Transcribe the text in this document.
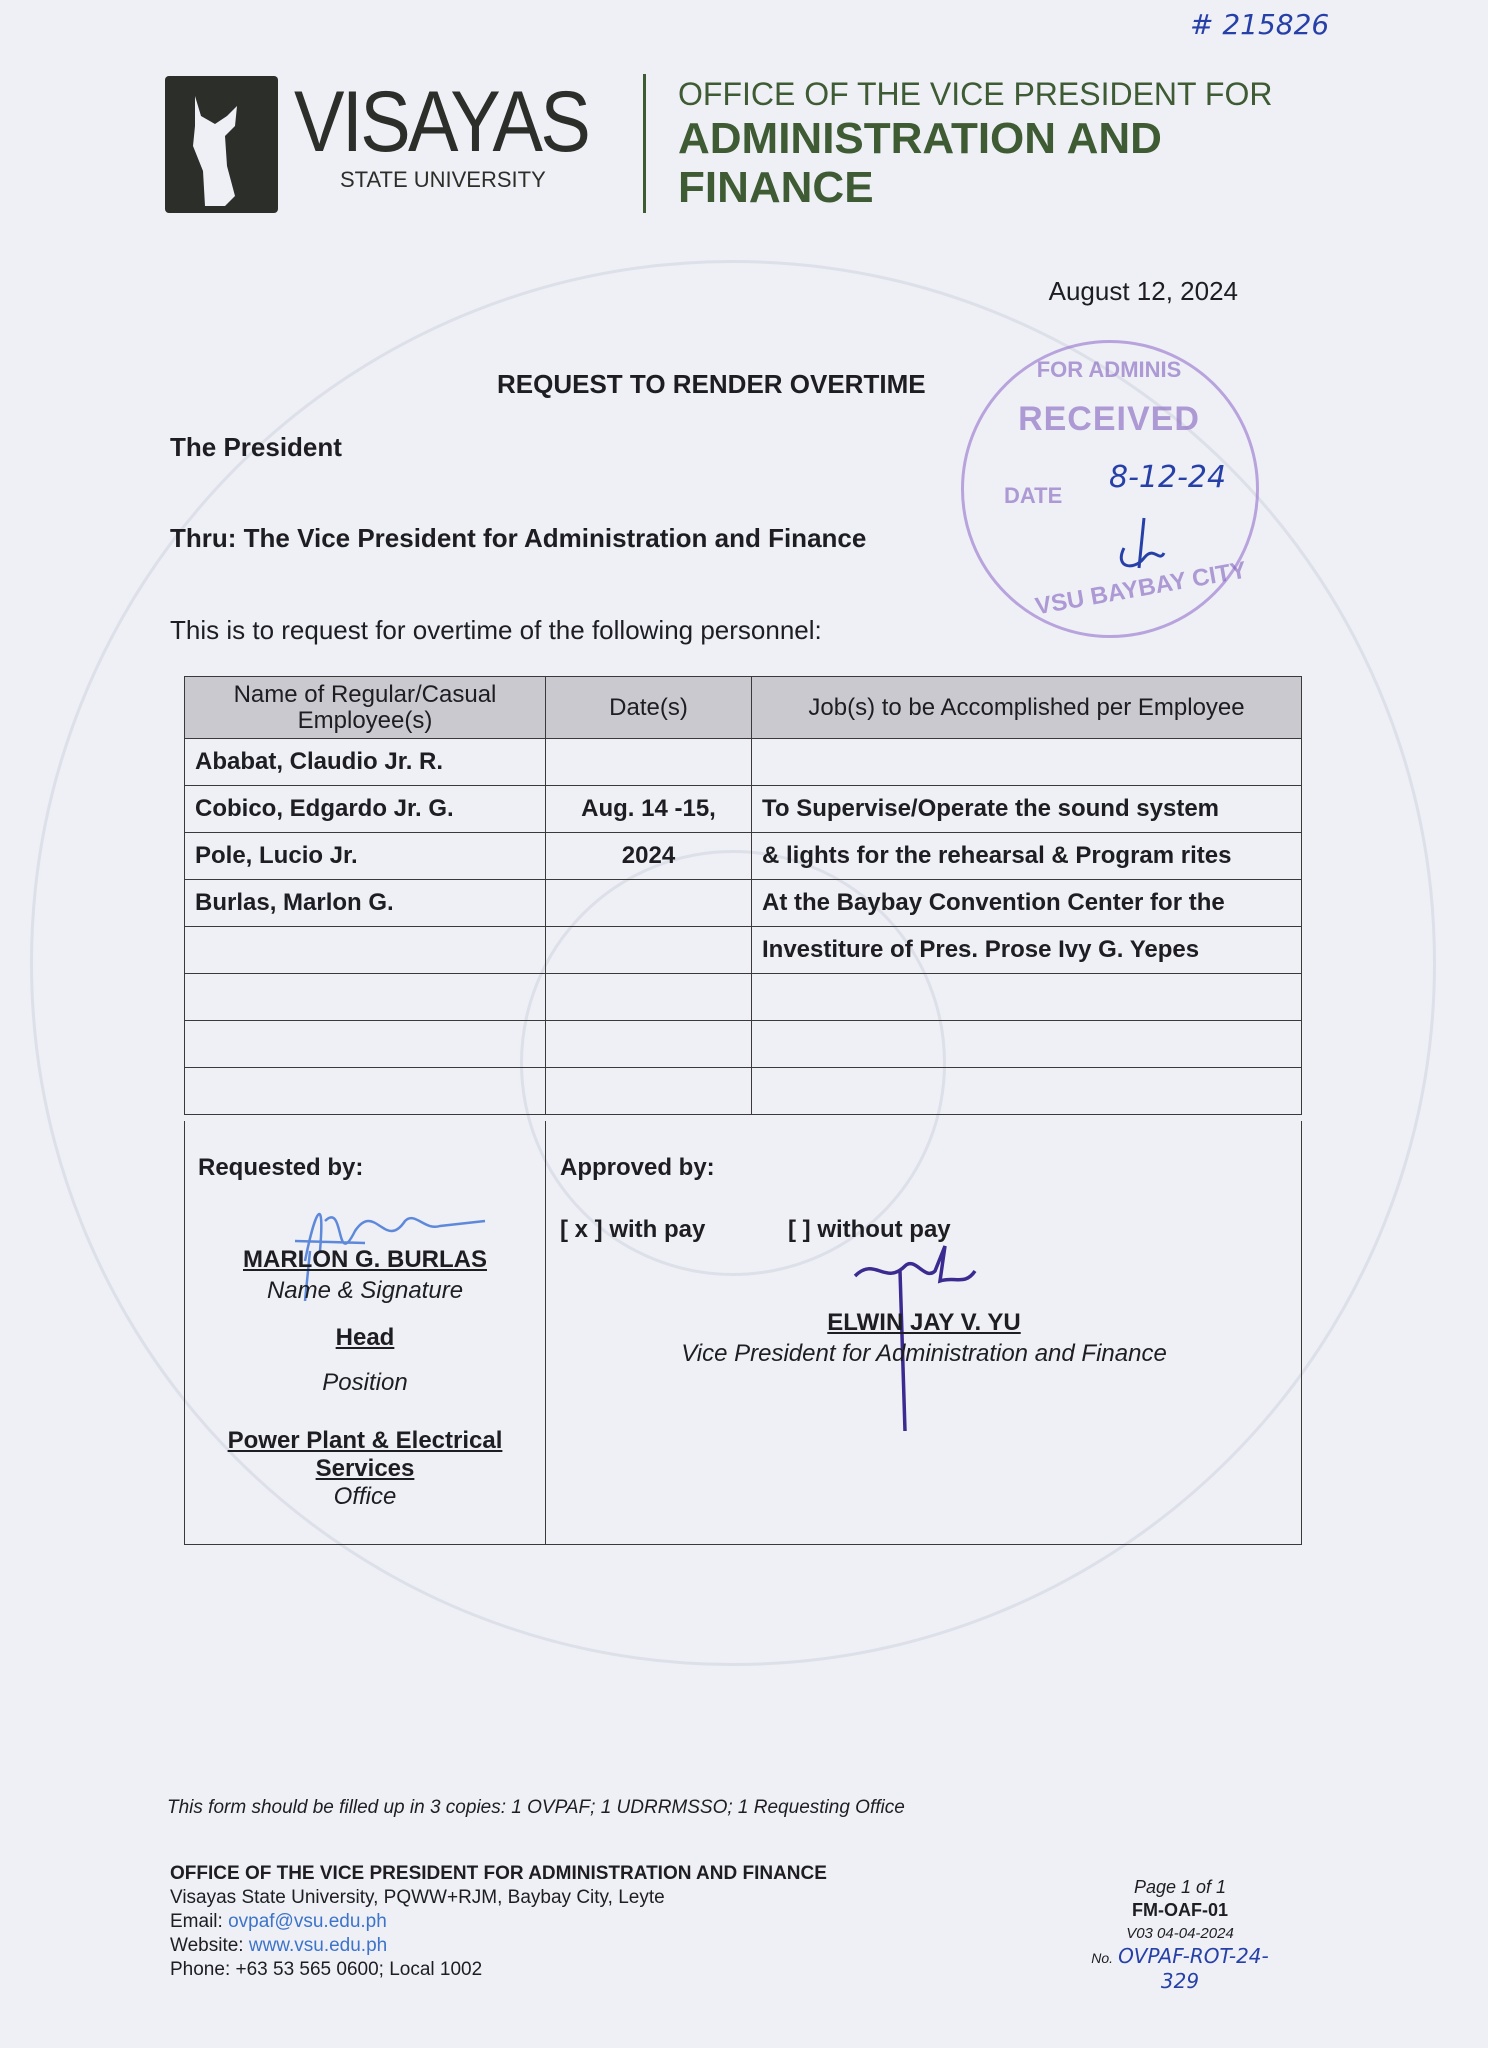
# 215826
VISAYAS
STATE UNIVERSITY
OFFICE OF THE VICE PRESIDENT FOR
ADMINISTRATION AND
FINANCE
August 12, 2024
REQUEST TO RENDER OVERTIME
The President
Thru: The Vice President for Administration and Finance
This is to request for overtime of the following personnel:
FOR ADMINIS
RECEIVED
DATE
VSU BAYBAY CITY
8-12-24
Name of Regular/Casual Employee(s)	Date(s)	Job(s) to be Accomplished per Employee
Ababat, Claudio Jr. R.		
Cobico, Edgardo Jr. G.	Aug. 14 -15,	To Supervise/Operate the sound system
Pole, Lucio Jr.	2024	& lights for the rehearsal & Program rites
Burlas, Marlon G.		At the Baybay Convention Center for the
		Investiture of Pres. Prose Ivy G. Yepes

Requested by:
MARLON G. BURLAS
Name & Signature
Head
Position
Power Plant & Electrical
Services
Office
Approved by:
[ x ] with pay	[ ] without pay
ELWIN JAY V. YU
Vice President for Administration and Finance
This form should be filled up in 3 copies: 1 OVPAF; 1 UDRRMSSO; 1 Requesting Office
OFFICE OF THE VICE PRESIDENT FOR ADMINISTRATION AND FINANCE
Visayas State University, PQWW+RJM, Baybay City, Leyte
Email: ovpaf@vsu.edu.ph
Website: www.vsu.edu.ph
Phone: +63 53 565 0600; Local 1002
Page 1 of 1
FM-OAF-01
V03 04-04-2024
No. OVPAF-ROT-24-329
